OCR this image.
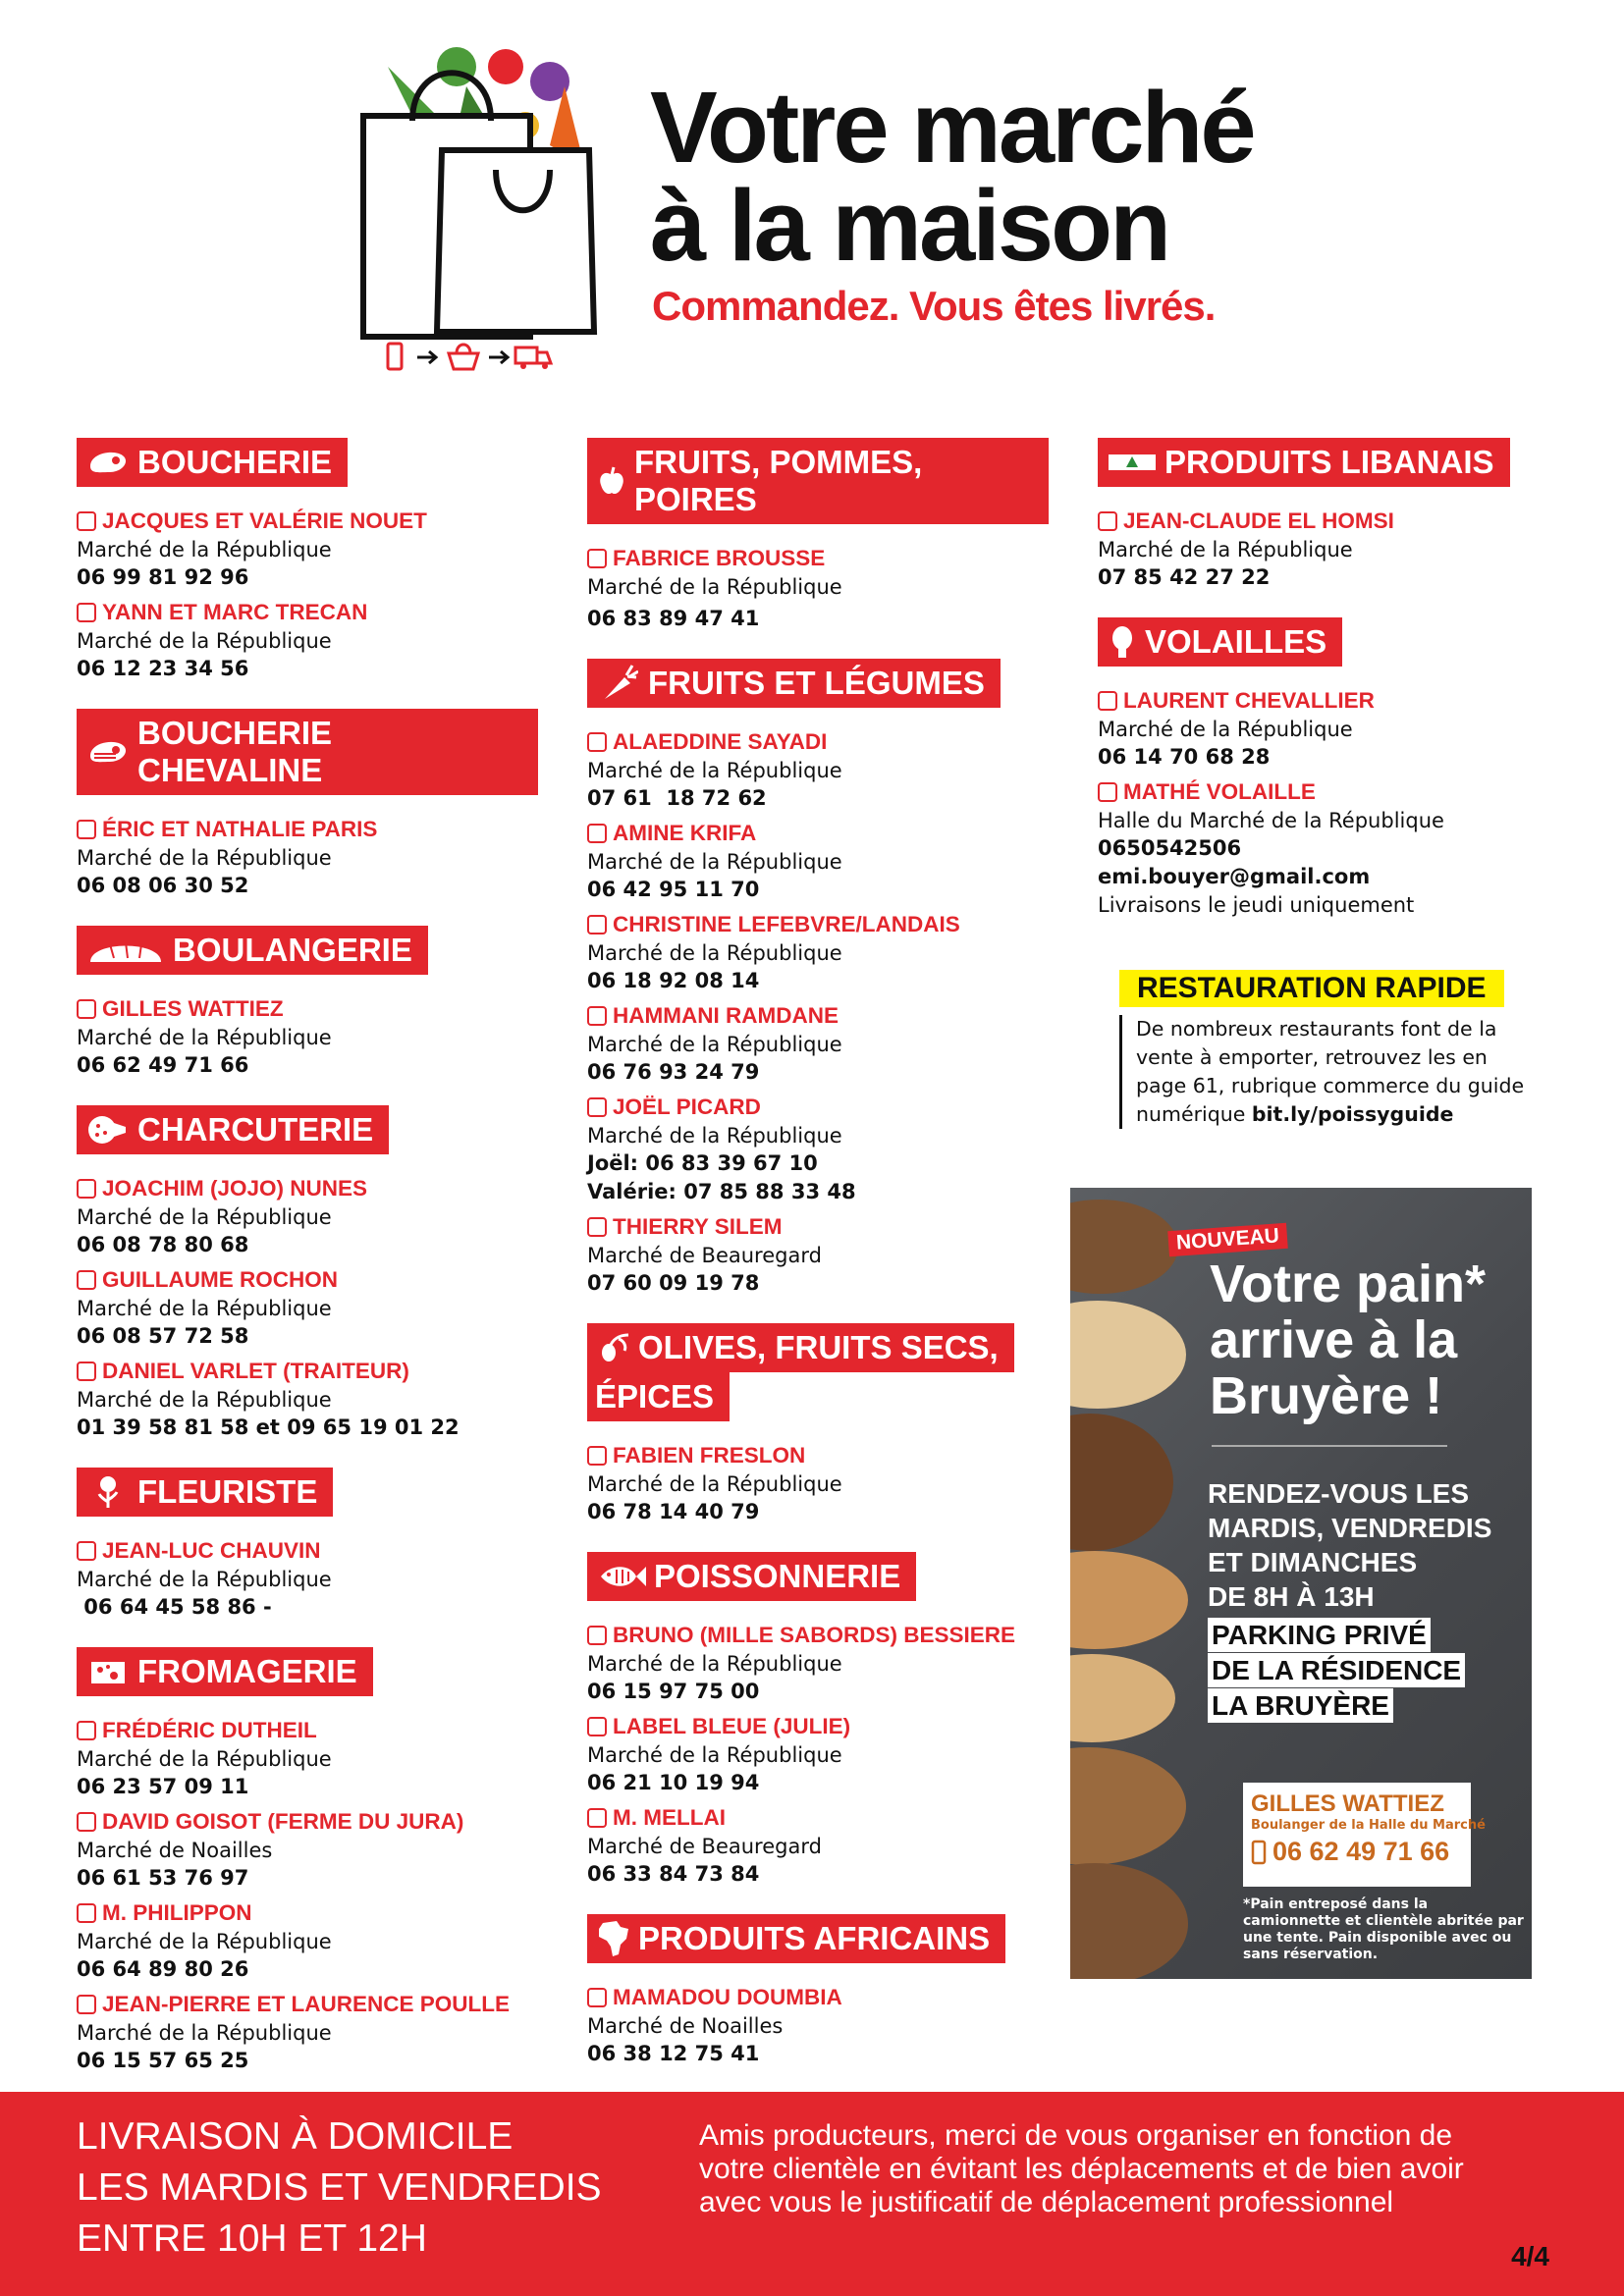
Votre marché
à la maison
Commandez. Vous êtes livrés.
BOUCHERIE
JACQUES ET VALÉRIE NOUET
Marché de la République
06 99 81 92 96
YANN ET MARC TRECAN
Marché de la République
06 12 23 34 56
BOUCHERIE CHEVALINE
ÉRIC ET NATHALIE PARIS
Marché de la République
06 08 06 30 52
BOULANGERIE
GILLES WATTIEZ
Marché de la République
06 62 49 71 66
CHARCUTERIE
JOACHIM (JOJO) NUNES
Marché de la République
06 08 78 80 68
GUILLAUME ROCHON
Marché de la République
06 08 57 72 58
DANIEL VARLET (TRAITEUR)
Marché de la République
01 39 58 81 58 et 09 65 19 01 22
FLEURISTE
JEAN-LUC CHAUVIN
Marché de la République
06 64 45 58 86 -
FROMAGERIE
FRÉDÉRIC DUTHEIL
Marché de la République
06 23 57 09 11
DAVID GOISOT (FERME DU JURA)
Marché de Noailles
06 61 53 76 97
M. PHILIPPON
Marché de la République
06 64 89 80 26
JEAN-PIERRE ET LAURENCE POULLE
Marché de la République
06 15 57 65 25
FRUITS, POMMES, POIRES
FABRICE BROUSSE
Marché de la République
06 83 89 47 41
FRUITS ET LÉGUMES
ALAEDDINE SAYADI
Marché de la République
07 61  18 72 62
AMINE KRIFA
Marché de la République
06 42 95 11 70
CHRISTINE LEFEBVRE/LANDAIS
Marché de la République
06 18 92 08 14
HAMMANI RAMDANE
Marché de la République
06 76 93 24 79
JOËL PICARD
Marché de la République
Joël: 06 83 39 67 10
Valérie: 07 85 88 33 48
THIERRY SILEM
Marché de Beauregard
07 60 09 19 78
OLIVES, FRUITS SECS,
ÉPICES
FABIEN FRESLON
Marché de la République
06 78 14 40 79
POISSONNERIE
BRUNO (MILLE SABORDS) BESSIERE
Marché de la République
06 15 97 75 00
LABEL BLEUE (JULIE)
Marché de la République
06 21 10 19 94
M. MELLAI
Marché de Beauregard
06 33 84 73 84
PRODUITS AFRICAINS
MAMADOU DOUMBIA
Marché de Noailles
06 38 12 75 41
PRODUITS LIBANAIS
JEAN-CLAUDE EL HOMSI
Marché de la République
07 85 42 27 22
VOLAILLES
LAURENT CHEVALLIER
Marché de la République
06 14 70 68 28
MATHÉ VOLAILLE
Halle du Marché de la République
0650542506
emi.bouyer@gmail.com
Livraisons le jeudi uniquement
RESTAURATION RAPIDE
De nombreux restaurants font de la
vente à emporter, retrouvez les en
page 61, rubrique commerce du guide
numérique bit.ly/poissyguide
NOUVEAU
Votre pain*
arrive à la
Bruyère !
RENDEZ-VOUS LES
MARDIS, VENDREDIS
ET DIMANCHES
DE 8H À 13H
PARKING PRIVÉ
DE LA RÉSIDENCE
LA BRUYÈRE
GILLES WATTIEZ
Boulanger de la Halle du Marché
06 62 49 71 66
*Pain entreposé dans la camionnette et clientèle abritée par une tente. Pain disponible avec ou sans réservation.
LIVRAISON À DOMICILE
LES MARDIS ET VENDREDIS
ENTRE 10H ET 12H
Amis producteurs, merci de vous organiser en fonction de votre clientèle en évitant les déplacements et de bien avoir avec vous le justificatif de déplacement professionnel
4/4
